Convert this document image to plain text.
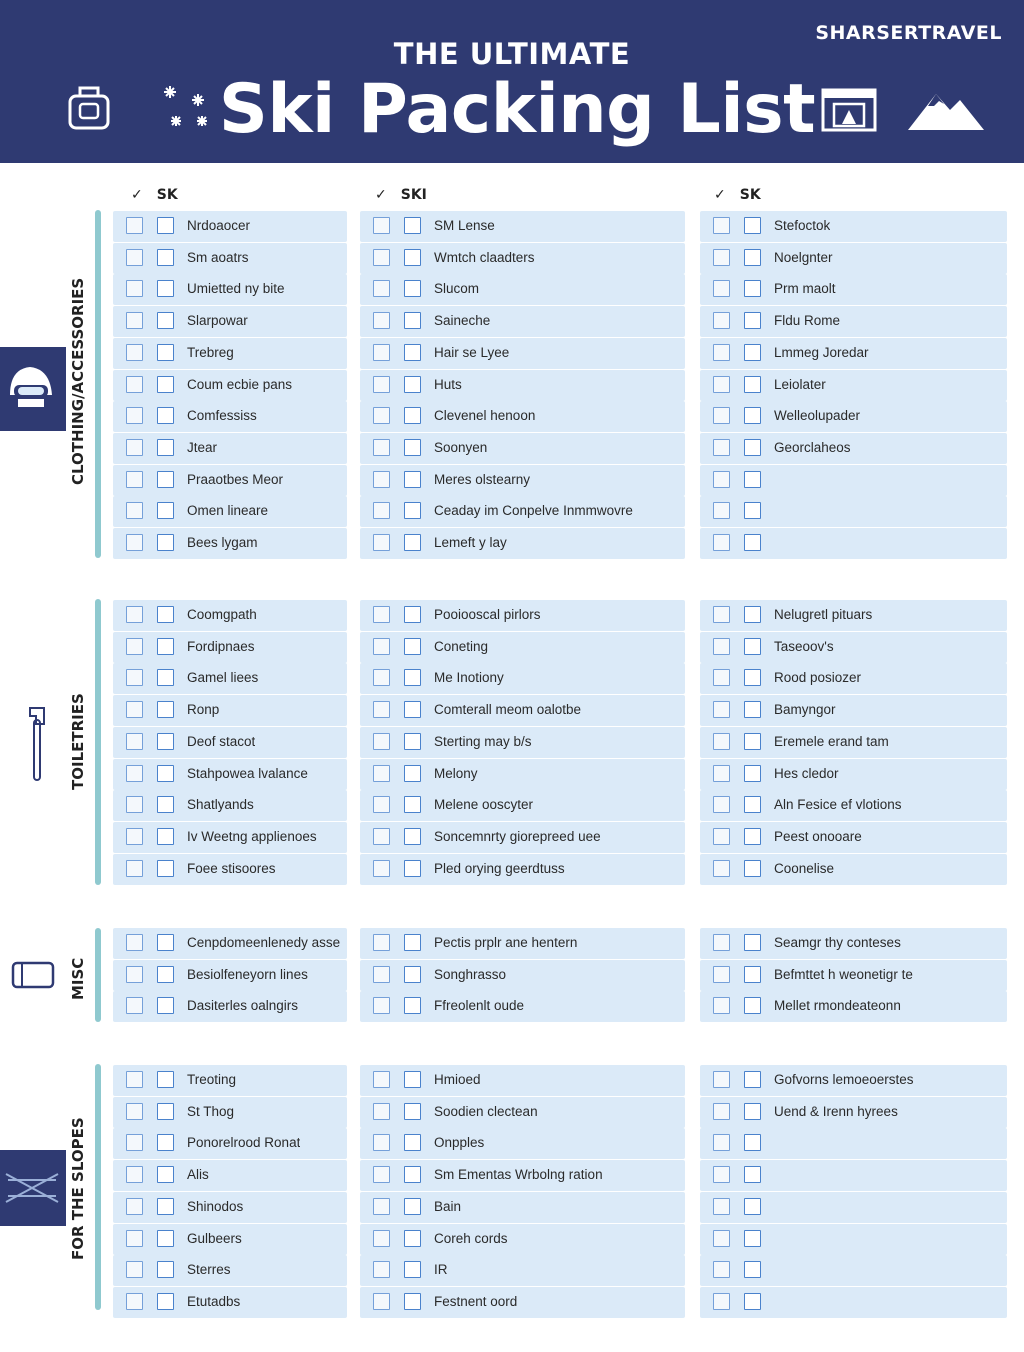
SHARSERTRAVEL
THE ULTIMATE
Ski Packing List
✓ SK	✓ SKI	✓ SK
CLOTHING/ACCESSORIES
TOILETRIES
MISC
FOR THE SLOPES
Nrdoaocer
Sm aoatrs
Umietted ny bite
Slarpowar
Trebreg
Coum ecbie pans
Comfessiss
Jtear
Praaotbes Meor
Omen lineare
Bees lygam
SM Lense
Wmtch claadters
Slucom
Saineche
Hair se Lyee
Huts
Clevenel henoon
Soonyen
Meres olstearny
Ceaday im Conpelve Inmmwovre
Lemeft y lay
Stefoctok
Noelgnter
Prm maolt
Fldu Rome
Lmmeg Joredar
Leiolater
Welleolupader
Georclaheos
Coomgpath
Fordipnaes
Gamel liees
Ronp
Deof stacot
Stahpowea lvalance
Shatlyands
Iv Weetng applienoes
Foee stisoores
Pooiooscal pirlors
Coneting
Me Inotiony
Comterall meom oalotbe
Sterting may b/s
Melony
Melene ooscyter
Soncemnrty giorepreed uee
Pled orying geerdtuss
Nelugretl pituars
Taseoov's
Rood posiozer
Bamyngor
Eremele erand tam
Hes cledor
Aln Fesice ef vlotions
Peest onooare
Coonelise
Cenpdomeenlenedy asse
Besiolfeneyorn lines
Dasiterles oalngirs
Pectis prplr ane hentern
Songhrasso
Ffreolenlt oude
Seamgr thy conteses
Befmttet h weonetigr te
Mellet rmondeateonn
Treoting
St Thog
Ponorelrood Ronat
Alis
Shinodos
Gulbeers
Sterres
Etutadbs
Hmioed
Soodien clectean
Onpples
Sm Ementas Wrbolng ration
Bain
Coreh cords
IR
Festnent oord
Gofvorns lemoeoerstes
Uend & Irenn hyrees
